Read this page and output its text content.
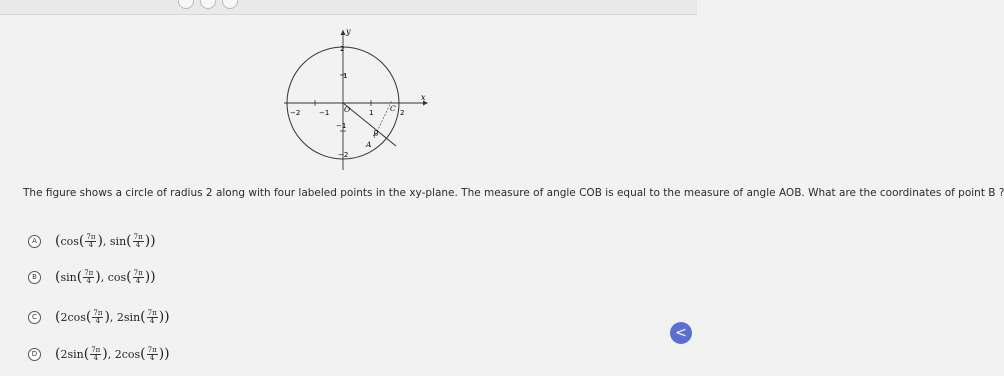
y
x
−2	−1	1	2
2
1
−1
−2
O
A
B
C
The figure shows a circle of radius 2 along with four labeled points in the xy-plane. The measure of angle COB is equal to the measure of angle AOB. What are the coordinates of point B ?
A ( cos ( $\frac{7\pi}{4}$ ) , sin ( $\frac{7\pi}{4}$ ) )
B ( sin ( $\frac{7\pi}{4}$ ) , cos ( $\frac{7\pi}{4}$ ) )
C ( 2 cos ( $\frac{7\pi}{4}$ ) , 2 sin ( $\frac{7\pi}{4}$ ) )
D ( 2 sin ( $\frac{7\pi}{4}$ ) , 2 cos ( $\frac{7\pi}{4}$ ) )
<
